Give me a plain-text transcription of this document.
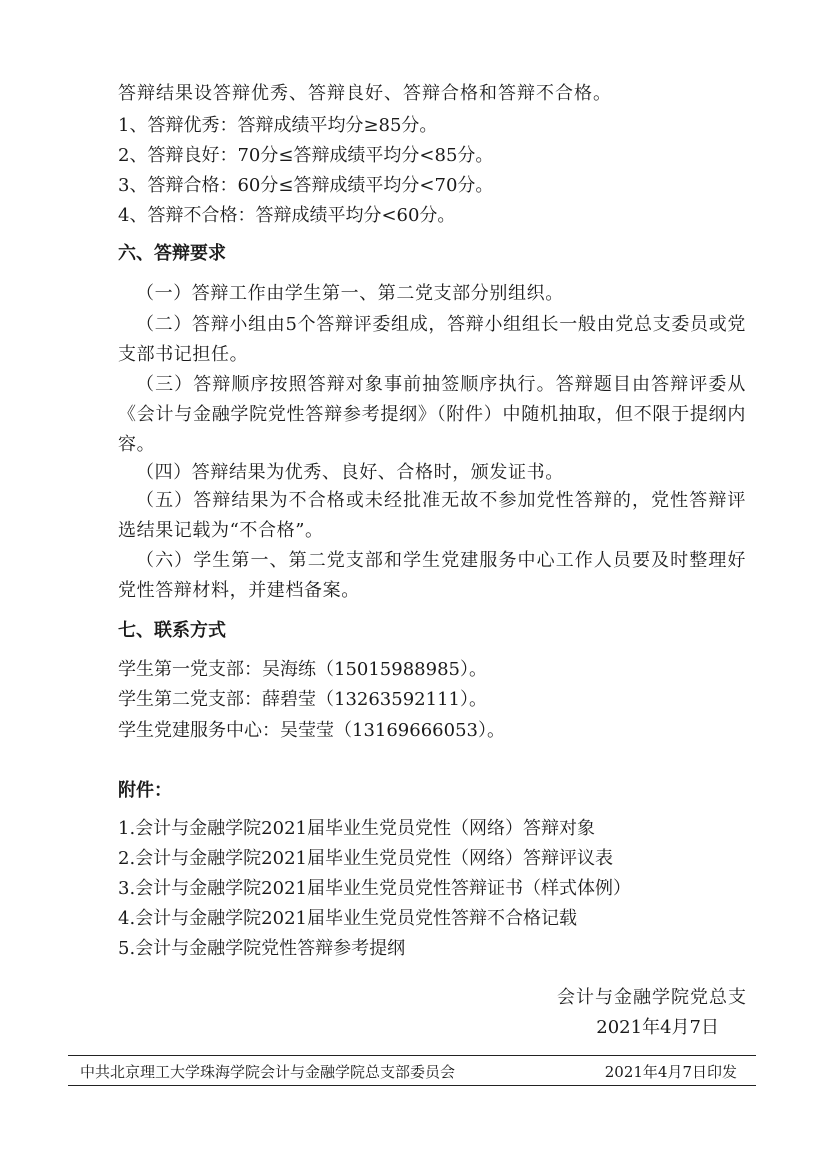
答辩结果设答辩优秀、答辩良好、答辩合格和答辩不合格。
1、答辩优秀：答辩成绩平均分≥85分。
2、答辩良好：70分≤答辩成绩平均分<85分。
3、答辩合格：60分≤答辩成绩平均分<70分。
4、答辩不合格：答辩成绩平均分<60分。
六、答辩要求
（一）答辩工作由学生第一、第二党支部分别组织。
（二）答辩小组由5个答辩评委组成，答辩小组组长一般由党总支委员或党支部书记担任。
（三）答辩顺序按照答辩对象事前抽签顺序执行。答辩题目由答辩评委从《会计与金融学院党性答辩参考提纲》（附件）中随机抽取，但不限于提纲内容。
（四）答辩结果为优秀、良好、合格时，颁发证书。
（五）答辩结果为不合格或未经批准无故不参加党性答辩的，党性答辩评选结果记载为“不合格”。
（六）学生第一、第二党支部和学生党建服务中心工作人员要及时整理好党性答辩材料，并建档备案。
七、联系方式
学生第一党支部：吴海练（15015988985）。
学生第二党支部：薛碧莹（13263592111）。
学生党建服务中心：吴莹莹（13169666053）。
附件：
1.会计与金融学院2021届毕业生党员党性（网络）答辩对象
2.会计与金融学院2021届毕业生党员党性（网络）答辩评议表
3.会计与金融学院2021届毕业生党员党性答辩证书（样式体例）
4.会计与金融学院2021届毕业生党员党性答辩不合格记载
5.会计与金融学院党性答辩参考提纲
会计与金融学院党总支
2021年4月7日
中共北京理工大学珠海学院会计与金融学院总支部委员会	2021年4月7日印发
